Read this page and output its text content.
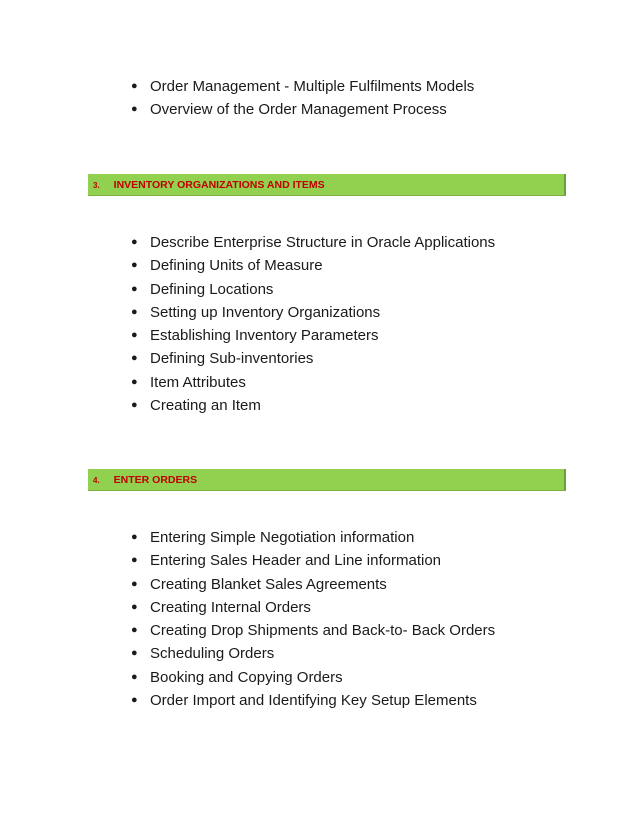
● Order Management - Multiple Fulfilments Models
● Overview of the Order Management Process
3. INVENTORY ORGANIZATIONS AND ITEMS
● Describe Enterprise Structure in Oracle Applications
● Defining Units of Measure
● Defining Locations
● Setting up Inventory Organizations
● Establishing Inventory Parameters
● Defining Sub-inventories
● Item Attributes
● Creating an Item
4. ENTER ORDERS
● Entering Simple Negotiation information
● Entering Sales Header and Line information
● Creating Blanket Sales Agreements
● Creating Internal Orders
● Creating Drop Shipments and Back-to- Back Orders
● Scheduling Orders
● Booking and Copying Orders
● Order Import and Identifying Key Setup Elements
